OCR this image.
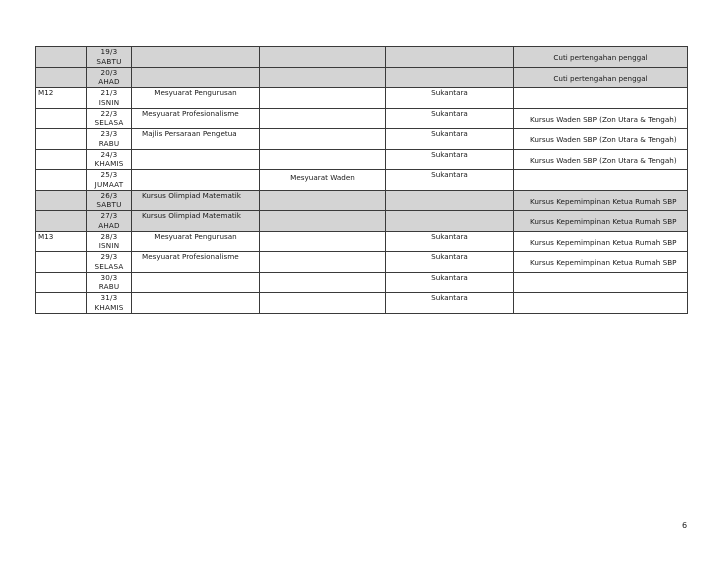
	19/3
SABTU				Cuti pertengahan penggal

	20/3
AHAD				Cuti pertengahan penggal
M12	21/3
ISNIN	Mesyuarat Pengurusan		Sukantara	

	22/3
SELASA	Mesyuarat Profesionalisme		Sukantara	Kursus Waden SBP (Zon Utara & Tengah)

	23/3
RABU	Majlis Persaraan Pengetua		Sukantara	Kursus Waden SBP (Zon Utara & Tengah)

	24/3
KHAMIS			Sukantara	Kursus Waden SBP (Zon Utara & Tengah)

	25/3
JUMAAT		Mesyuarat Waden	Sukantara	

	26/3
SABTU	Kursus Olimpiad Matematik			Kursus Kepemimpinan Ketua Rumah SBP

	27/3
AHAD	Kursus Olimpiad Matematik			Kursus Kepemimpinan Ketua Rumah SBP
M13	28/3
ISNIN	Mesyuarat Pengurusan		Sukantara	Kursus Kepemimpinan Ketua Rumah SBP

	29/3
SELASA	Mesyuarat Profesionalisme		Sukantara	Kursus Kepemimpinan Ketua Rumah SBP

	30/3
RABU			Sukantara	

	31/3
KHAMIS			Sukantara	
6
